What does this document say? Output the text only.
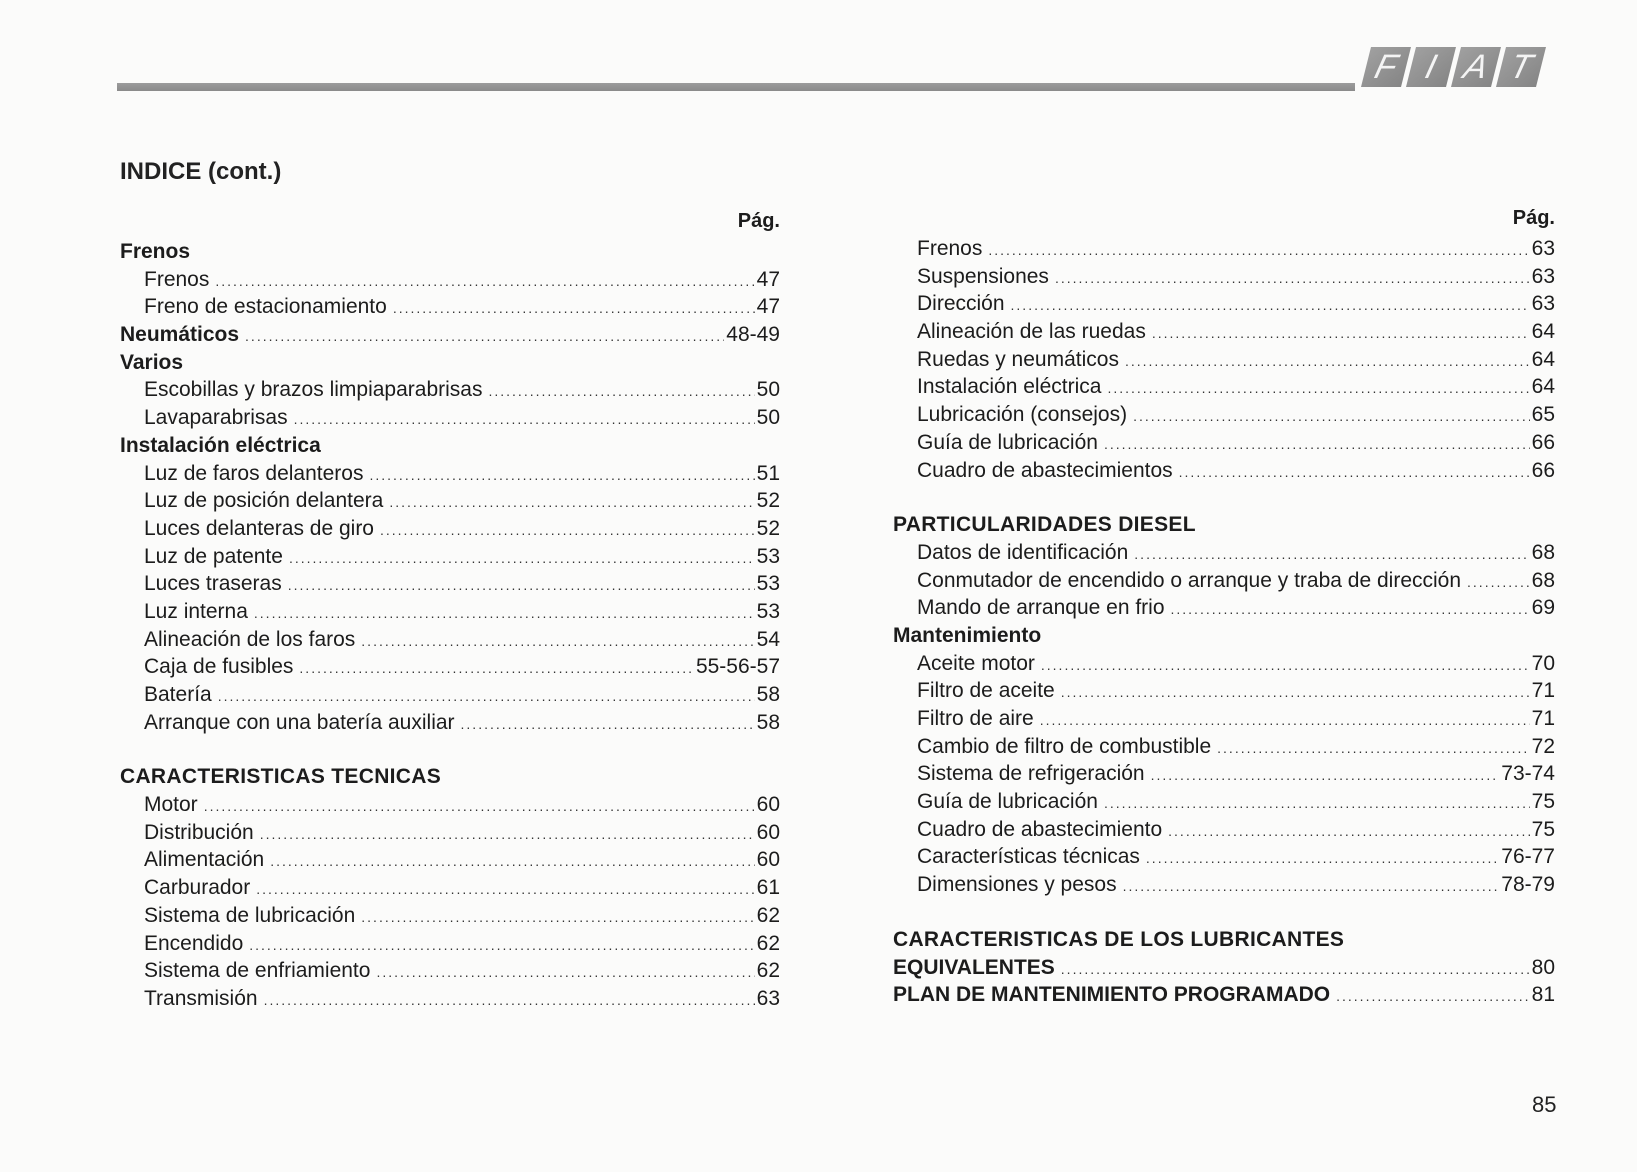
F I A T
INDICE (cont.)
Pág.
Frenos
Frenos .....	47
Freno de estacionamiento .....	47
Neumáticos .....	48-49
Varios
Escobillas y brazos limpiaparabrisas .....	50
Lavaparabrisas .....	50
Instalación eléctrica
Luz de faros delanteros .....	51
Luz de posición delantera .....	52
Luces delanteras de giro .....	52
Luz de patente .....	53
Luces traseras .....	53
Luz interna .....	53
Alineación de los faros .....	54
Caja de fusibles .....	55-56-57
Batería .....	58
Arranque con una batería auxiliar .....	58
CARACTERISTICAS TECNICAS
Motor .....	60
Distribución .....	60
Alimentación .....	60
Carburador .....	61
Sistema de lubricación .....	62
Encendido .....	62
Sistema de enfriamiento .....	62
Transmisión .....	63
Pág.
Frenos .....	63
Suspensiones .....	63
Dirección .....	63
Alineación de las ruedas .....	64
Ruedas y neumáticos .....	64
Instalación eléctrica .....	64
Lubricación (consejos) .....	65
Guía de lubricación .....	66
Cuadro de abastecimientos .....	66
PARTICULARIDADES DIESEL
Datos de identificación .....	68
Conmutador de encendido o arranque y traba de dirección .....	68
Mando de arranque en frio .....	69
Mantenimiento
Aceite motor .....	70
Filtro de aceite .....	71
Filtro de aire .....	71
Cambio de filtro de combustible .....	72
Sistema de refrigeración .....	73-74
Guía de lubricación .....	75
Cuadro de abastecimiento .....	75
Características técnicas .....	76-77
Dimensiones y pesos .....	78-79
CARACTERISTICAS DE LOS LUBRICANTES
EQUIVALENTES .....	80
PLAN DE MANTENIMIENTO PROGRAMADO .....	81
85
